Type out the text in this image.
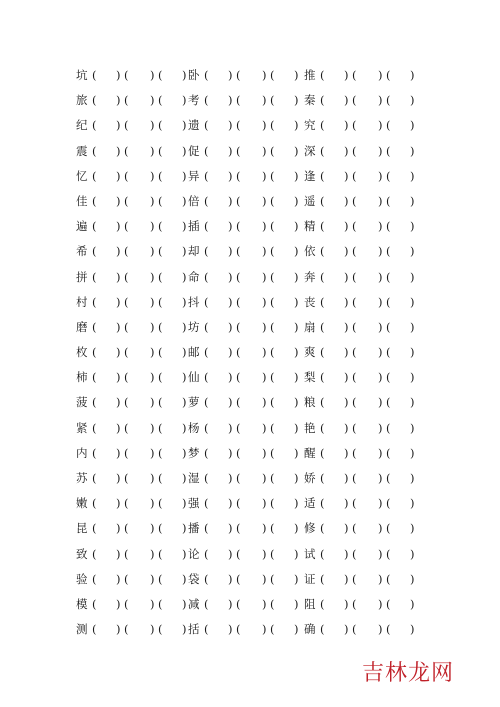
坑 ( ) ( ) ( ) 卧 ( ) ( ) ( ) 推 ( ) ( ) ( )
旅 ( ) ( ) ( ) 考 ( ) ( ) ( ) 秦 ( ) ( ) ( )
纪 ( ) ( ) ( ) 遗 ( ) ( ) ( ) 究 ( ) ( ) ( )
震 ( ) ( ) ( ) 促 ( ) ( ) ( ) 深 ( ) ( ) ( )
忆 ( ) ( ) ( ) 异 ( ) ( ) ( ) 逢 ( ) ( ) ( )
佳 ( ) ( ) ( ) 倍 ( ) ( ) ( ) 遥 ( ) ( ) ( )
遍 ( ) ( ) ( ) 插 ( ) ( ) ( ) 精 ( ) ( ) ( )
希 ( ) ( ) ( ) 却 ( ) ( ) ( ) 依 ( ) ( ) ( )
拼 ( ) ( ) ( ) 命 ( ) ( ) ( ) 奔 ( ) ( ) ( )
村 ( ) ( ) ( ) 抖 ( ) ( ) ( ) 丧 ( ) ( ) ( )
磨 ( ) ( ) ( ) 坊 ( ) ( ) ( ) 扇 ( ) ( ) ( )
枚 ( ) ( ) ( ) 邮 ( ) ( ) ( ) 爽 ( ) ( ) ( )
柿 ( ) ( ) ( ) 仙 ( ) ( ) ( ) 梨 ( ) ( ) ( )
菠 ( ) ( ) ( ) 萝 ( ) ( ) ( ) 粮 ( ) ( ) ( )
紧 ( ) ( ) ( ) 杨 ( ) ( ) ( ) 艳 ( ) ( ) ( )
内 ( ) ( ) ( ) 梦 ( ) ( ) ( ) 醒 ( ) ( ) ( )
苏 ( ) ( ) ( ) 湿 ( ) ( ) ( ) 娇 ( ) ( ) ( )
嫩 ( ) ( ) ( ) 强 ( ) ( ) ( ) 适 ( ) ( ) ( )
昆 ( ) ( ) ( ) 播 ( ) ( ) ( ) 修 ( ) ( ) ( )
致 ( ) ( ) ( ) 论 ( ) ( ) ( ) 试 ( ) ( ) ( )
验 ( ) ( ) ( ) 袋 ( ) ( ) ( ) 证 ( ) ( ) ( )
模 ( ) ( ) ( ) 减 ( ) ( ) ( ) 阻 ( ) ( ) ( )
测 ( ) ( ) ( ) 括 ( ) ( ) ( ) 确 ( ) ( ) ( )
吉林龙网
